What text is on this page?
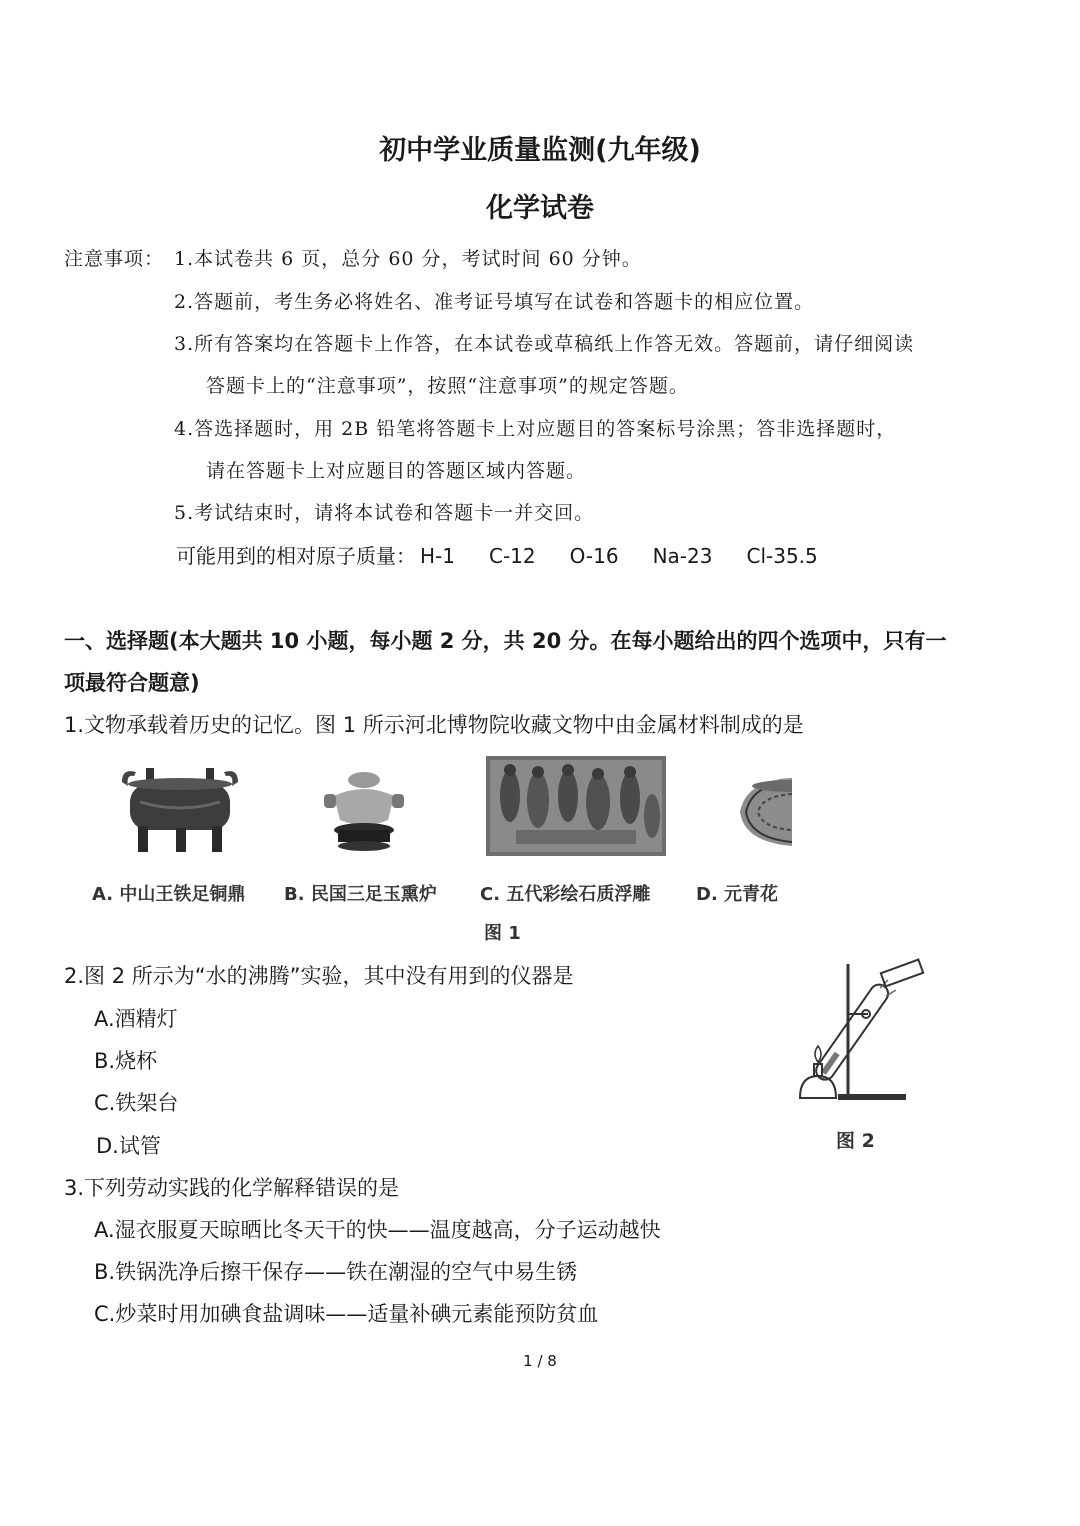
初中学业质量监测(九年级)
化学试卷
注意事项： 1.本试卷共 6 页，总分 60 分，考试时间 60 分钟。
2.答题前，考生务必将姓名、准考证号填写在试卷和答题卡的相应位置。
3.所有答案均在答题卡上作答，在本试卷或草稿纸上作答无效。答题前，请仔细阅读
答题卡上的“注意事项”，按照“注意事项”的规定答题。
4.答选择题时，用 2B 铅笔将答题卡上对应题目的答案标号涂黑；答非选择题时，
请在答题卡上对应题目的答题区域内答题。
5.考试结束时，请将本试卷和答题卡一并交回。
可能用到的相对原子质量： H-1 C-12 O-16 Na-23 Cl-35.5
一、选择题(本大题共 10 小题，每小题 2 分，共 20 分。在每小题给出的四个选项中，只有一
项最符合题意)
1.文物承载着历史的记忆。图 1 所示河北博物院收藏文物中由金属材料制成的是
A. 中山王铁足铜鼎 B. 民国三足玉熏炉 C. 五代彩绘石质浮雕	D. 元青花
图 1
2.图 2 所示为“水的沸腾”实验，其中没有用到的仪器是
A.酒精灯
B.烧杯
C.铁架台
D.试管	图 2
3.下列劳动实践的化学解释错误的是
A.湿衣服夏天晾晒比冬天干的快——温度越高，分子运动越快
B.铁锅洗净后擦干保存——铁在潮湿的空气中易生锈
C.炒菜时用加碘食盐调味——适量补碘元素能预防贫血
1 / 8
